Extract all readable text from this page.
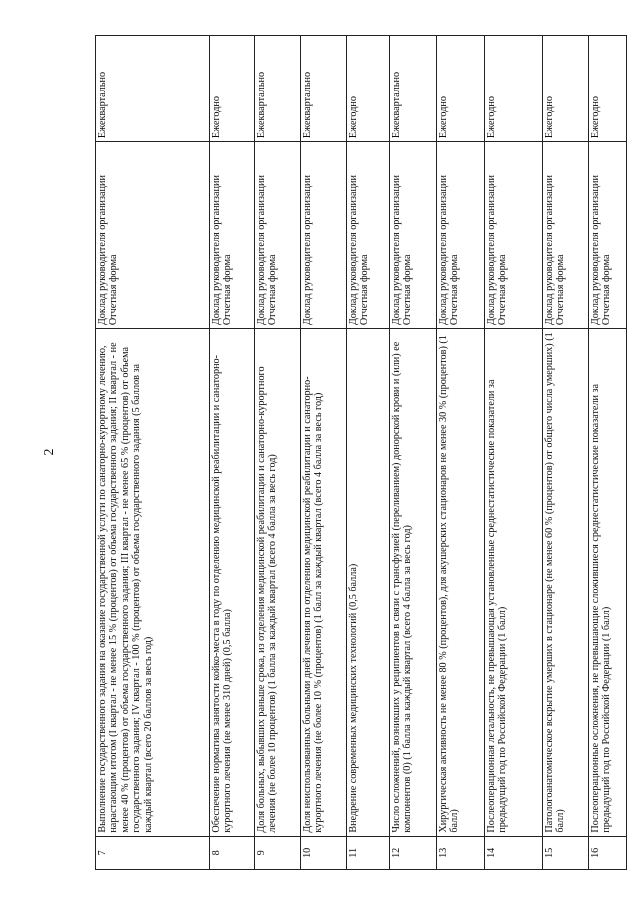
2
7	Выполнение государственного задания на оказание государственной услуги по санаторно-курортному лечению, нарастающим итогом (I квартал - не менее 15 % (процентов) от объема государственного задания; II квартал - не менее 40 % (процентов) от объема государственного задания; III квартал - не менее 65 % (процентов) от объема государственного задания; IV квартал - 100 % (процентов) от объема государственного задания (5 баллов за каждый квартал (всего 20 баллов за весь год)	Доклад руководителя организации Отчетная форма	Ежеквартально
8	Обеспечение норматива занятости койко-места в году по отделению медицинской реабилитации и санаторно-курортного лечения (не менее 310 дней) (0,5 балла)	Доклад руководителя организации Отчетная форма	Ежегодно
9	Доля больных, выбывших раньше срока, из отделения медицинской реабилитации и санаторно-курортного лечения (не более 10 процентов) (1 балла за каждый квартал (всего 4 балла за весь год)	Доклад руководителя организации Отчетная форма	Ежеквартально
10	Доля неиспользованных больными дней лечения по отделению медицинской реабилитации и санаторно-курортного лечения (не более 10 % (процентов) (1 балл за каждый квартал (всего 4 балла за весь год)	Доклад руководителя организации	Ежеквартально
11	Внедрение современных медицинских технологий (0,5 балла)	Доклад руководителя организации Отчетная форма	Ежегодно
12	Число осложнений, возникших у реципиентов в связи с трансфузией (переливанием) донорской крови и (или) ее компонентов (0) (1 балла за каждый квартал (всего 4 балла за весь год)	Доклад руководителя организации Отчетная форма	Ежеквартально
13	Хирургическая активность не менее 80 % (процентов), для акушерских стационаров не менее 30 % (процентов) (1 балл)	Доклад руководителя организации Отчетная форма	Ежегодно
14	Послеоперационная летальность, не превышающая установленные среднестатистические показатели за предыдущий год по Российской Федерации (1 балл)	Доклад руководителя организации Отчетная форма	Ежегодно
15	Патологоанатомическое вскрытие умерших в стационаре (не менее 60 % (процентов) от общего числа умерших) (1 балл)	Доклад руководителя организации Отчетная форма	Ежегодно
16	Послеоперационные осложнения, не превышающие сложившиеся среднестатистические показатели за предыдущий год по Российской Федерации (1 балл)	Доклад руководителя организации Отчетная форма	Ежегодно
